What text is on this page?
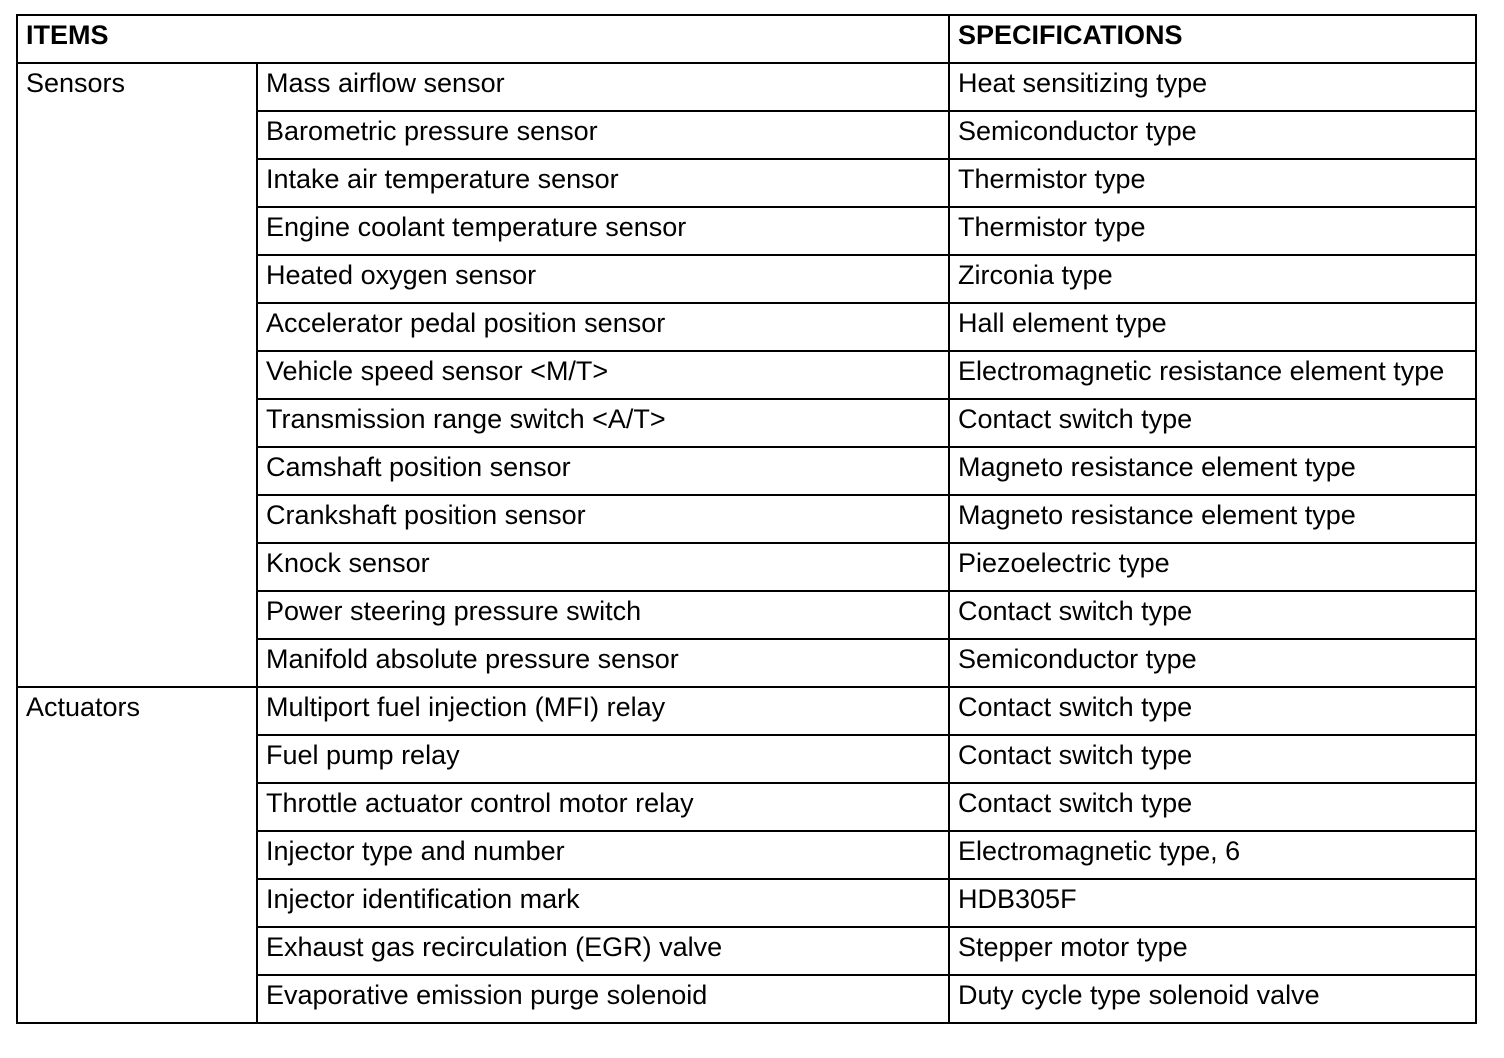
ITEMS		SPECIFICATIONS
Sensors	Mass airflow sensor	Heat sensitizing type
	Barometric pressure sensor	Semiconductor type
	Intake air temperature sensor	Thermistor type
	Engine coolant temperature sensor	Thermistor type
	Heated oxygen sensor	Zirconia type
	Accelerator pedal position sensor	Hall element type
	Vehicle speed sensor <M/T>	Electromagnetic resistance element type
	Transmission range switch <A/T>	Contact switch type
	Camshaft position sensor	Magneto resistance element type
	Crankshaft position sensor	Magneto resistance element type
	Knock sensor	Piezoelectric type
	Power steering pressure switch	Contact switch type
	Manifold absolute pressure sensor	Semiconductor type
Actuators	Multiport fuel injection (MFI) relay	Contact switch type
	Fuel pump relay	Contact switch type
	Throttle actuator control motor relay	Contact switch type
	Injector type and number	Electromagnetic type, 6
	Injector identification mark	HDB305F
	Exhaust gas recirculation (EGR) valve	Stepper motor type
	Evaporative emission purge solenoid	Duty cycle type solenoid valve
